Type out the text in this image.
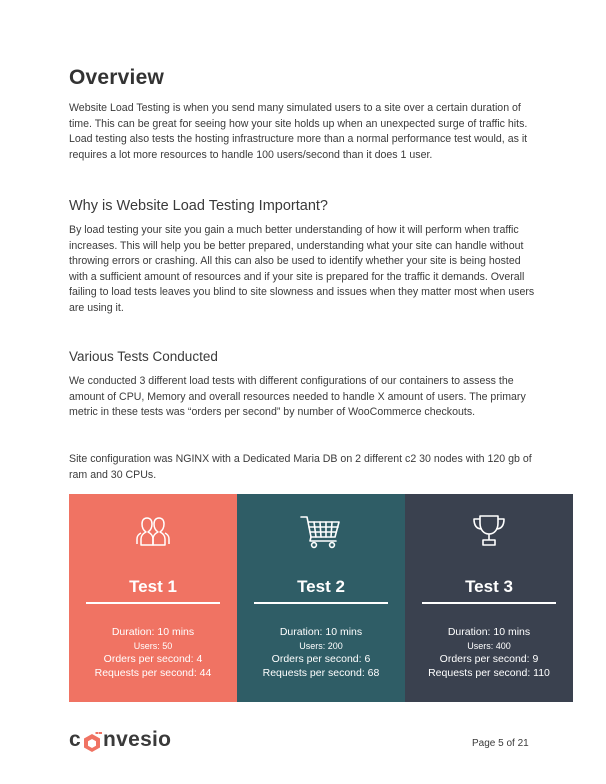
Overview

Website Load Testing is when you send many simulated users to a site over a certain duration of time. This can be great for seeing how your site holds up when an unexpected surge of traffic hits. Load testing also tests the hosting infrastructure more than a normal performance test would, as it requires a lot more resources to handle 100 users/second than it does 1 user.

Why is Website Load Testing Important?

By load testing your site you gain a much better understanding of how it will perform when traffic increases. This will help you be better prepared, understanding what your site can handle without throwing errors or crashing. All this can also be used to identify whether your site is being hosted with a sufficient amount of resources and if your site is prepared for the traffic it demands. Overall failing to load tests leaves you blind to site slowness and issues when they matter most when users are using it.

Various Tests Conducted

We conducted 3 different load tests with different configurations of our containers to assess the amount of CPU, Memory and overall resources needed to handle X amount of users. The primary metric in these tests was “orders per second” by number of WooCommerce checkouts.

Site configuration was NGINX with a Dedicated Maria DB on 2 different c2 30 nodes with 120 gb of ram and 30 CPUs.

Test 1
Duration: 10 mins
Users: 50
Orders per second: 4
Requests per second: 44
Test 2
Duration: 10 mins
Users: 200
Orders per second: 6
Requests per second: 68
Test 3
Duration: 10 mins
Users: 400
Orders per second: 9
Requests per second: 110
c nvesio	Page 5 of 21
